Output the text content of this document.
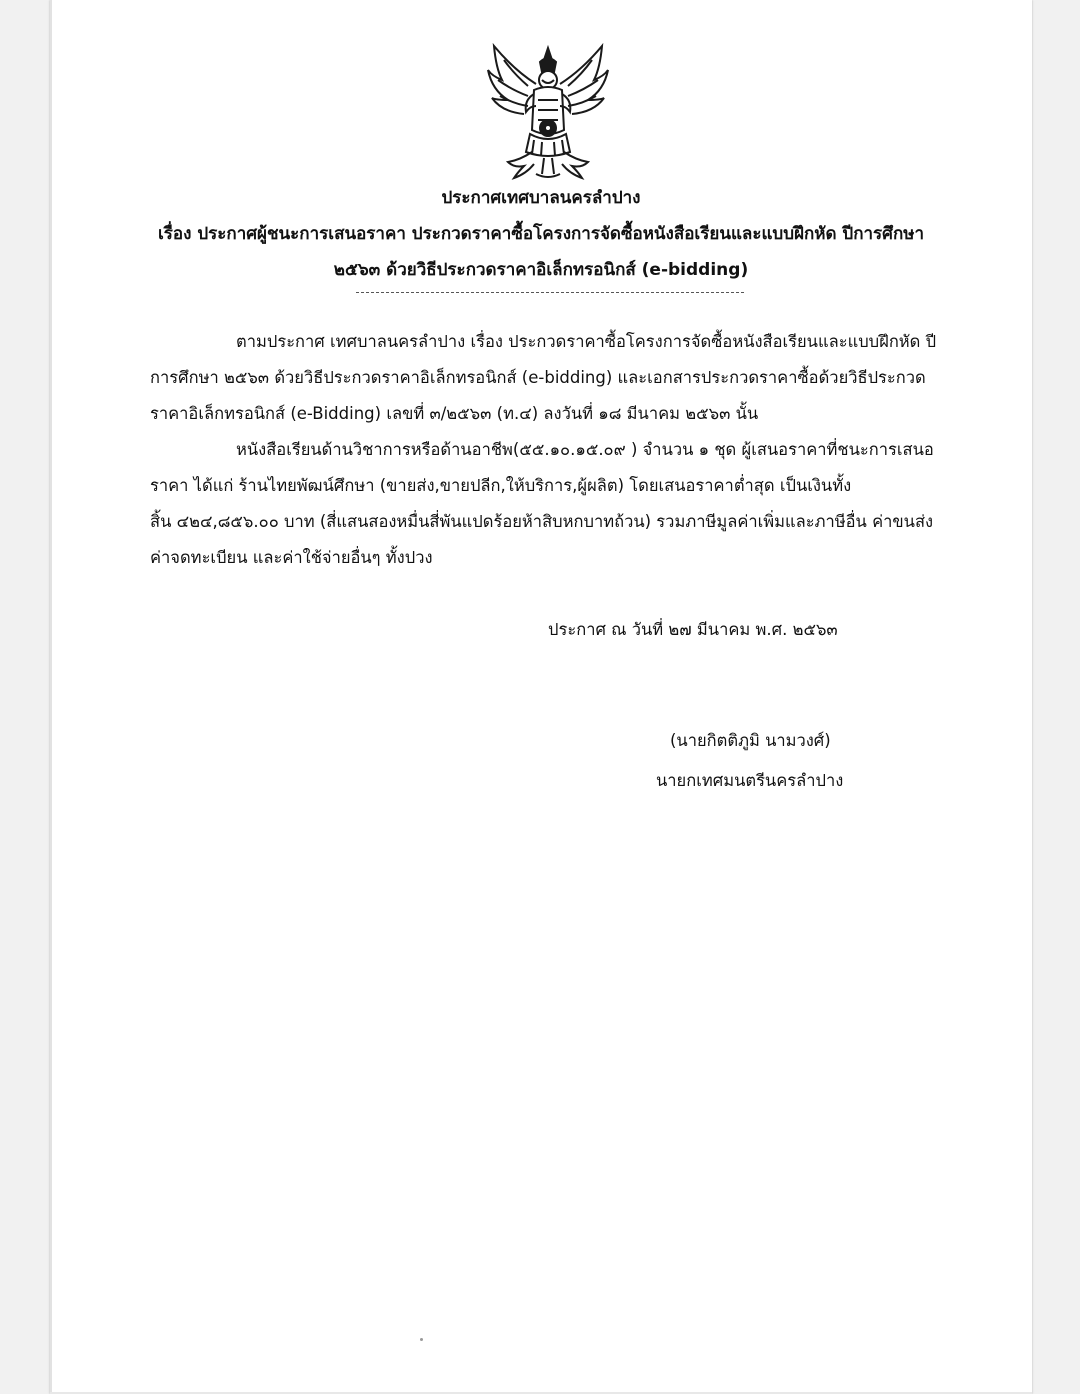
ประกาศเทศบาลนครลำปาง
เรื่อง ประกาศผู้ชนะการเสนอราคา ประกวดราคาซื้อโครงการจัดซื้อหนังสือเรียนและแบบฝึกหัด ปีการศึกษา
๒๕๖๓ ด้วยวิธีประกวดราคาอิเล็กทรอนิกส์ (e-bidding)
ตามประกาศ เทศบาลนครลำปาง เรื่อง ประกวดราคาซื้อโครงการจัดซื้อหนังสือเรียนและแบบฝึกหัด ปี
การศึกษา ๒๕๖๓ ด้วยวิธีประกวดราคาอิเล็กทรอนิกส์ (e-bidding) และเอกสารประกวดราคาซื้อด้วยวิธีประกวด
ราคาอิเล็กทรอนิกส์ (e-Bidding) เลขที่ ๓/๒๕๖๓ (ท.๔) ลงวันที่ ๑๘ มีนาคม ๒๕๖๓ นั้น
หนังสือเรียนด้านวิชาการหรือด้านอาชีพ(๕๕.๑๐.๑๕.๐๙ ) จำนวน ๑ ชุด ผู้เสนอราคาที่ชนะการเสนอ
ราคา ได้แก่ ร้านไทยพัฒน์ศึกษา (ขายส่ง,ขายปลีก,ให้บริการ,ผู้ผลิต) โดยเสนอราคาต่ำสุด เป็นเงินทั้ง
สิ้น ๔๒๔,๘๕๖.๐๐ บาท (สี่แสนสองหมื่นสี่พันแปดร้อยห้าสิบหกบาทถ้วน) รวมภาษีมูลค่าเพิ่มและภาษีอื่น ค่าขนส่ง
ค่าจดทะเบียน และค่าใช้จ่ายอื่นๆ ทั้งปวง
ประกาศ ณ วันที่ ๒๗ มีนาคม พ.ศ. ๒๕๖๓
(นายกิตติภูมิ นามวงศ์)
นายกเทศมนตรีนครลำปาง
